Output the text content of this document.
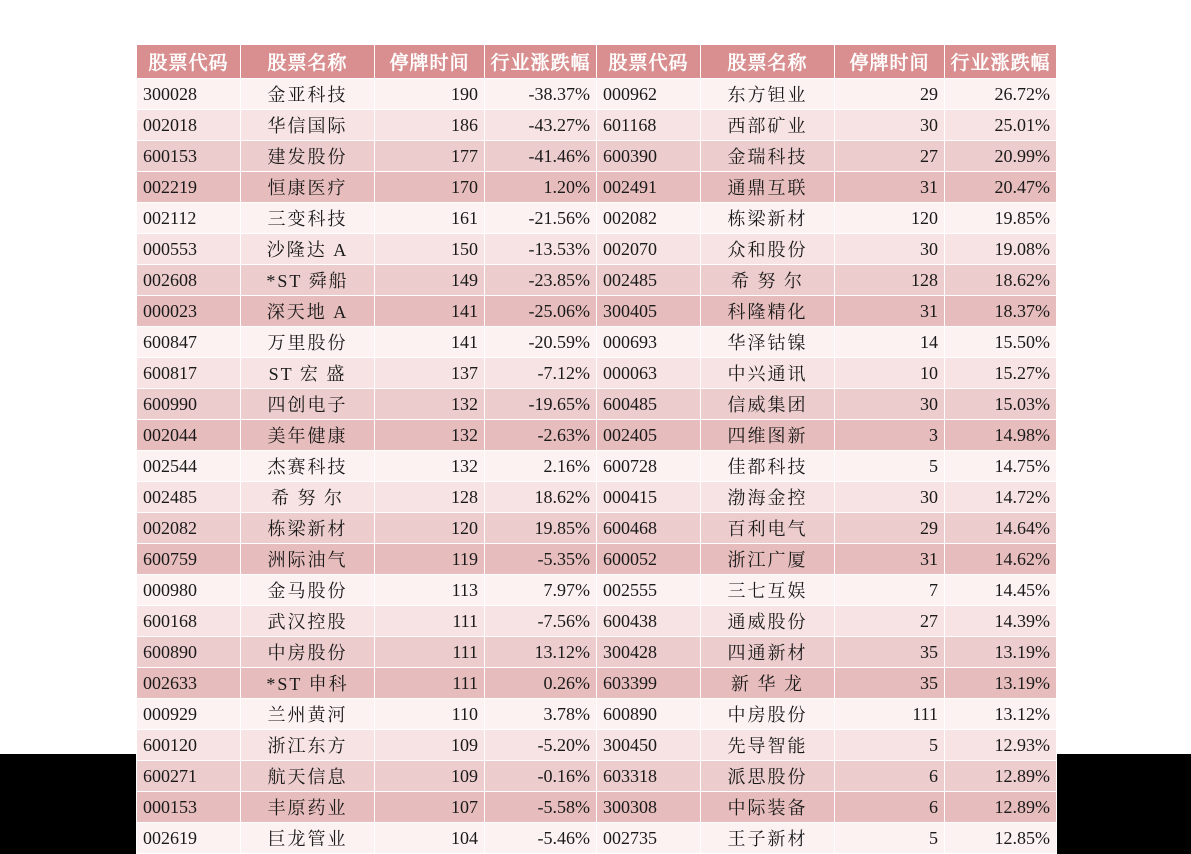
股票代码	股票名称	停牌时间	行业涨跌幅	股票代码	股票名称	停牌时间	行业涨跌幅
300028	金亚科技	190	-38.37%	000962	东方钽业	29	26.72%
002018	华信国际	186	-43.27%	601168	西部矿业	30	25.01%
600153	建发股份	177	-41.46%	600390	金瑞科技	27	20.99%
002219	恒康医疗	170	1.20%	002491	通鼎互联	31	20.47%
002112	三变科技	161	-21.56%	002082	栋梁新材	120	19.85%
000553	沙隆达 A	150	-13.53%	002070	众和股份	30	19.08%
002608	*ST 舜船	149	-23.85%	002485	希 努 尔	128	18.62%
000023	深天地 A	141	-25.06%	300405	科隆精化	31	18.37%
600847	万里股份	141	-20.59%	000693	华泽钴镍	14	15.50%
600817	ST 宏 盛	137	-7.12%	000063	中兴通讯	10	15.27%
600990	四创电子	132	-19.65%	600485	信威集团	30	15.03%
002044	美年健康	132	-2.63%	002405	四维图新	3	14.98%
002544	杰赛科技	132	2.16%	600728	佳都科技	5	14.75%
002485	希 努 尔	128	18.62%	000415	渤海金控	30	14.72%
002082	栋梁新材	120	19.85%	600468	百利电气	29	14.64%
600759	洲际油气	119	-5.35%	600052	浙江广厦	31	14.62%
000980	金马股份	113	7.97%	002555	三七互娱	7	14.45%
600168	武汉控股	111	-7.56%	600438	通威股份	27	14.39%
600890	中房股份	111	13.12%	300428	四通新材	35	13.19%
002633	*ST 申科	111	0.26%	603399	新 华 龙	35	13.19%
000929	兰州黄河	110	3.78%	600890	中房股份	111	13.12%
600120	浙江东方	109	-5.20%	300450	先导智能	5	12.93%
600271	航天信息	109	-0.16%	603318	派思股份	6	12.89%
000153	丰原药业	107	-5.58%	300308	中际装备	6	12.89%
002619	巨龙管业	104	-5.46%	002735	王子新材	5	12.85%
